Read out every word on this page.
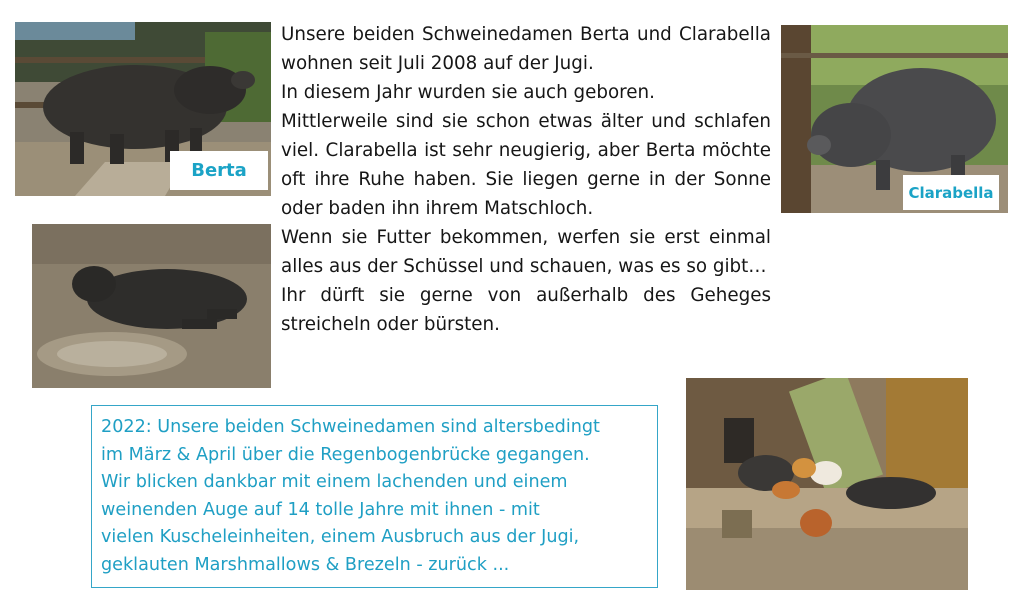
Berta
Clarabella

Unsere beiden Schweinedamen Berta und Clarabella wohnen seit Juli 2008 auf der Jugi.

In diesem Jahr wurden sie auch geboren.

Mittlerweile sind sie schon etwas älter und schlafen viel. Clarabella ist sehr neugierig, aber Berta möchte oft ihre Ruhe haben. Sie liegen gerne in der Sonne oder baden ihn ihrem Matschloch.

Wenn sie Futter bekommen, werfen sie erst einmal alles aus der Schüssel und schauen, was es so gibt…

Ihr dürft sie gerne von außerhalb des Geheges streicheln oder bürsten.

2022: Unsere beiden Schweinedamen sind altersbedingt

im März & April über die Regenbogenbrücke gegangen.

Wir blicken dankbar mit einem lachenden und einem

weinenden Auge auf 14 tolle Jahre mit ihnen - mit

vielen Kuscheleinheiten, einem Ausbruch aus der Jugi,

geklauten Marshmallows & Brezeln - zurück ...
